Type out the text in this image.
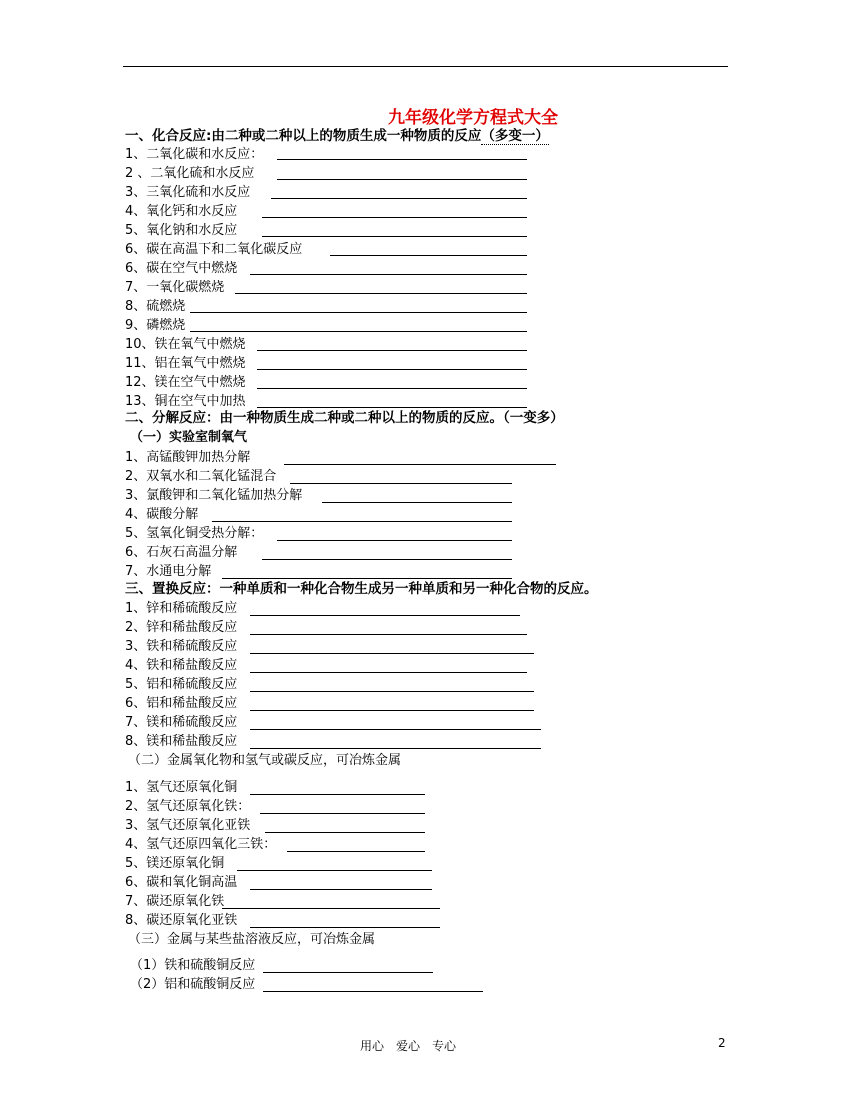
九年级化学方程式大全
一、化合反应:由二种或二种以上的物质生成一种物质的反应（多变一）
1、二氧化碳和水反应：
2 、二氧化硫和水反应
3、三氧化硫和水反应
4、氧化钙和水反应
5、氧化钠和水反应
6、碳在高温下和二氧化碳反应
6、碳在空气中燃烧
7、一氧化碳燃烧
8、硫燃烧
9、磷燃烧
10、铁在氧气中燃烧
11、铝在氧气中燃烧
12、镁在空气中燃烧
13、铜在空气中加热
二、分解反应：由一种物质生成二种或二种以上的物质的反应。（一变多）
（一）实验室制氧气
1、高锰酸钾加热分解
2、双氧水和二氧化锰混合
3、氯酸钾和二氧化锰加热分解
4、碳酸分解
5、氢氧化铜受热分解：
6、石灰石高温分解
7、水通电分解
三、置换反应：一种单质和一种化合物生成另一种单质和另一种化合物的反应。
1、锌和稀硫酸反应
2、锌和稀盐酸反应
3、铁和稀硫酸反应
4、铁和稀盐酸反应
5、铝和稀硫酸反应
6、铝和稀盐酸反应
7、镁和稀硫酸反应
8、镁和稀盐酸反应
（二）金属氧化物和氢气或碳反应，可冶炼金属
1、氢气还原氧化铜
2、氢气还原氧化铁：
3、氢气还原氧化亚铁
4、氢气还原四氧化三铁：
5、镁还原氧化铜
6、碳和氧化铜高温
7、碳还原氧化铁
8、碳还原氧化亚铁
（三）金属与某些盐溶液反应，可冶炼金属
（1）铁和硫酸铜反应
（2）铝和硫酸铜反应
用心　爱心　专心	2
